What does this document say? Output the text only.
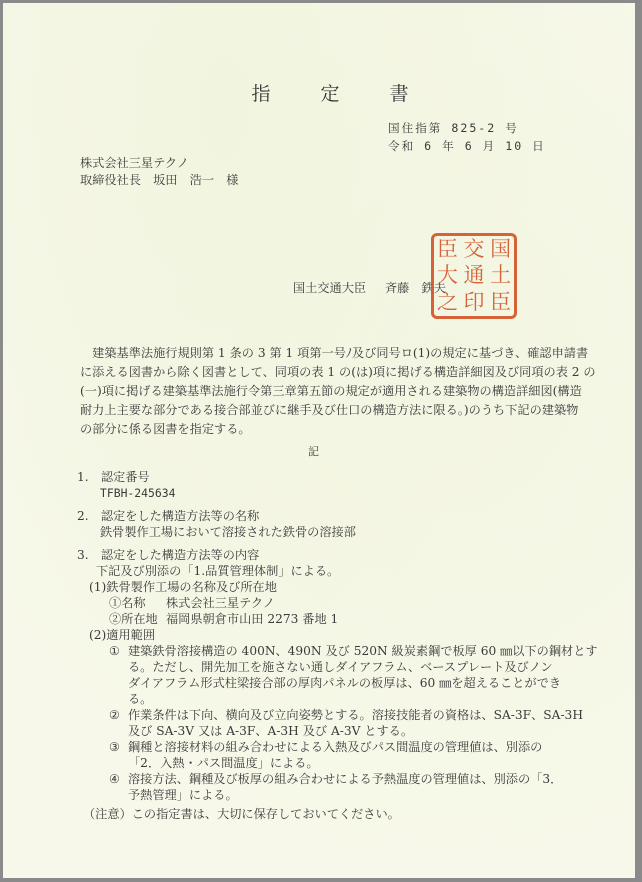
指 定 書
国住指第 825-2 号
令和 6 年 6 月 10 日
株式会社三星テクノ
取締役社長　坂田　浩一　様
国土交通大臣 斉藤　鉄夫
臣 交 国
大 通 土
之 印 臣
　建築基準法施行規則第 1 条の 3 第 1 項第一号ﾉ及び同号ロ(1)の規定に基づき、確認申請書
に添える図書から除く図書として、同項の表 1 の(は)項に掲げる構造詳細図及び同項の表 2 の
(一)項に掲げる建築基準法施行令第三章第五節の規定が適用される建築物の構造詳細図(構造
耐力上主要な部分である接合部並びに継手及び仕口の構造方法に限る。)のうち下記の建築物
の部分に係る図書を指定する。
記
1.　認定番号
TFBH-245634
2.　認定をした構造方法等の名称
鉄骨製作工場において溶接された鉄骨の溶接部
3.　認定をした構造方法等の内容
下記及び別添の「1.品質管理体制」による。
(1)鉄骨製作工場の名称及び所在地
①名称 株式会社三星テクノ
②所在地 福岡県朝倉市山田 2273 番地 1
(2)適用範囲
① 建築鉄骨溶接構造の 400N、490N 及び 520N 級炭素鋼で板厚 60 ㎜以下の鋼材とす
る。ただし、開先加工を施さない通しダイアフラム、ベースプレート及びノン
ダイアフラム形式柱梁接合部の厚肉パネルの板厚は、60 ㎜を超えることができ
る。
② 作業条件は下向、横向及び立向姿勢とする。溶接技能者の資格は、SA-3F、SA-3H
及び SA-3V 又は A-3F、A-3H 及び A-3V とする。
③ 鋼種と溶接材料の組み合わせによる入熱及びパス間温度の管理値は、別添の
「2．入熱・パス間温度」による。
④ 溶接方法、鋼種及び板厚の組み合わせによる予熱温度の管理値は、別添の「3．
予熱管理」による。
（注意）この指定書は、大切に保存しておいてください。
